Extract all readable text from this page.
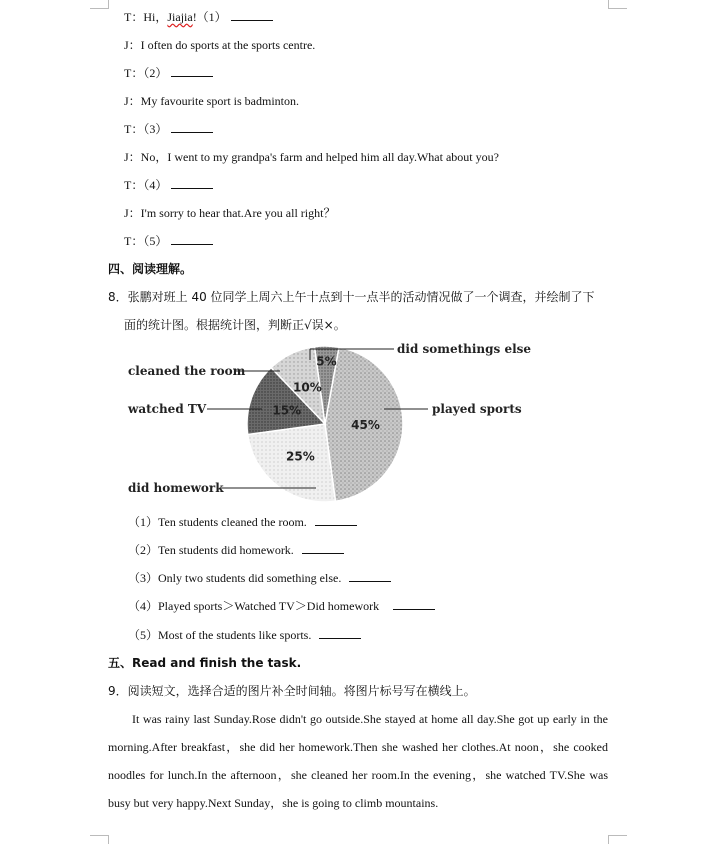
T：Hi，Jiajia!（1）
J：I often do sports at the sports centre.
T：（2）
J：My favourite sport is badminton.
T：（3）
J：No，I went to my grandpa's farm and helped him all day.What about you?
T：（4）
J：I'm sorry to hear that.Are you all right？
T：（5）
四、阅读理解。
8．张鹏对班上 40 位同学上周六上午十点到十一点半的活动情况做了一个调查，并绘制了下
面的统计图。根据统计图，判断正√误×。
45%
25%
15%
10%
5%
did somethings else
cleaned the room
watched TV	played sports
did homework
（1）Ten students cleaned the room.
（2）Ten students did homework.
（3）Only two students did something else.
（4）Played sports＞Watched TV＞Did homework
（5）Most of the students like sports.
五、Read and finish the task.
9．阅读短文，选择合适的图片补全时间轴。将图片标号写在横线上。
It was rainy last Sunday.Rose didn't go outside.She stayed at home all day.She got up early in the morning.After breakfast，she did her homework.Then she washed her clothes.At noon，she cooked noodles for lunch.In the afternoon，she cleaned her room.In the evening，she watched TV.She was busy but very happy.Next Sunday，she is going to climb mountains.
